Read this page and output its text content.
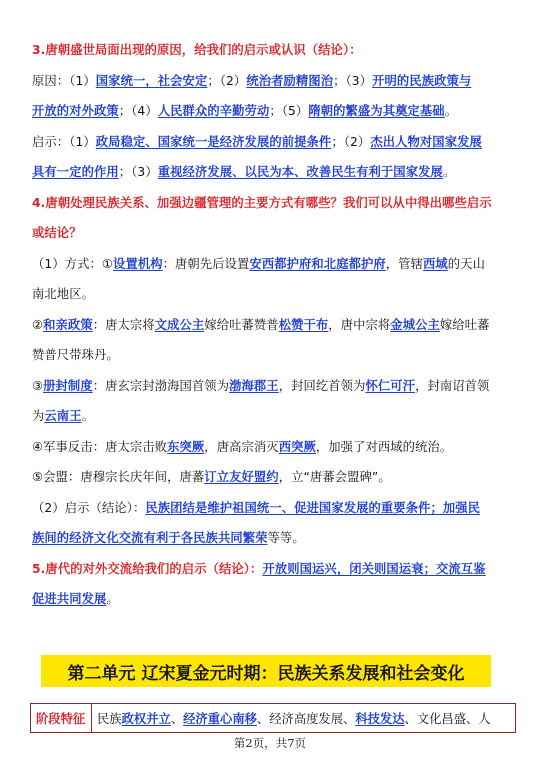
3.唐朝盛世局面出现的原因，给我们的启示或认识（结论）：
原因：（1）国家统一，社会安定；（2）统治者励精图治；（3）开明的民族政策与
开放的对外政策；（4）人民群众的辛勤劳动；（5）隋朝的繁盛为其奠定基础。
启示：（1）政局稳定、国家统一是经济发展的前提条件；（2）杰出人物对国家发展
具有一定的作用；（3）重视经济发展、以民为本、改善民生有利于国家发展。
4.唐朝处理民族关系、加强边疆管理的主要方式有哪些？我们可以从中得出哪些启示
或结论？
（1）方式：①设置机构：唐朝先后设置安西都护府和北庭都护府，管辖西域的天山
南北地区。
②和亲政策：唐太宗将文成公主嫁给吐蕃赞普松赞干布，唐中宗将金城公主嫁给吐蕃
赞普尺带珠丹。
③册封制度：唐玄宗封渤海国首领为渤海郡王，封回纥首领为怀仁可汗，封南诏首领
为云南王。
④军事反击：唐太宗击败东突厥，唐高宗消灭西突厥，加强了对西域的统治。
⑤会盟：唐穆宗长庆年间，唐蕃订立友好盟约，立“唐蕃会盟碑”。
（2）启示（结论）：民族团结是维护祖国统一、促进国家发展的重要条件；加强民
族间的经济文化交流有利于各民族共同繁荣等等。
5.唐代的对外交流给我们的启示（结论）：开放则国运兴，闭关则国运衰；交流互鉴
促进共同发展。
第二单元 辽宋夏金元时期：民族关系发展和社会变化
阶段特征	民族政权并立、经济重心南移、经济高度发展、科技发达、文化昌盛、人
第2页，共7页
